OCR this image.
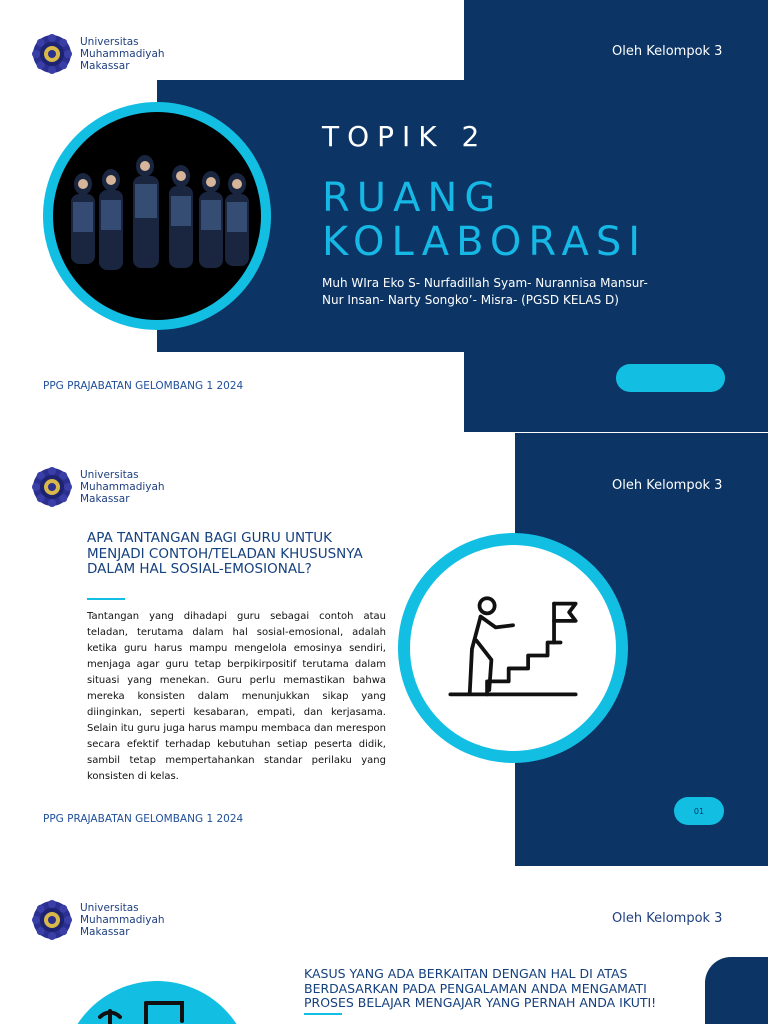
Universitas
Muhammadiyah
Makassar
Oleh Kelompok 3
TOPIK 2
RUANG
KOLABORASI
Muh WIra Eko S- Nurfadillah Syam- Nurannisa Mansur-
Nur Insan- Narty Songko’- Misra- (PGSD KELAS D)
PPG PRAJABATAN GELOMBANG 1 2024
Universitas
Muhammadiyah
Makassar
Oleh Kelompok 3
APA TANTANGAN BAGI GURU UNTUK MENJADI CONTOH/TELADAN KHUSUSNYA DALAM HAL SOSIAL-EMOSIONAL?
Tantangan yang dihadapi guru sebagai contoh atau teladan, terutama dalam hal sosial-emosional, adalah ketika guru harus mampu mengelola emosinya sendiri, menjaga agar guru tetap berpikirpositif terutama dalam situasi yang menekan. Guru perlu memastikan bahwa mereka konsisten dalam menunjukkan sikap yang diinginkan, seperti kesabaran, empati, dan kerjasama. Selain itu guru juga harus mampu membaca dan merespon secara efektif terhadap kebutuhan setiap peserta didik, sambil tetap mempertahankan standar perilaku yang konsisten di kelas.
PPG PRAJABATAN GELOMBANG 1 2024
01
Universitas
Muhammadiyah
Makassar
Oleh Kelompok 3
KASUS YANG ADA BERKAITAN DENGAN HAL DI ATAS
BERDASARKAN PADA PENGALAMAN ANDA MENGAMATI
PROSES BELAJAR MENGAJAR YANG PERNAH ANDA IKUTI!
